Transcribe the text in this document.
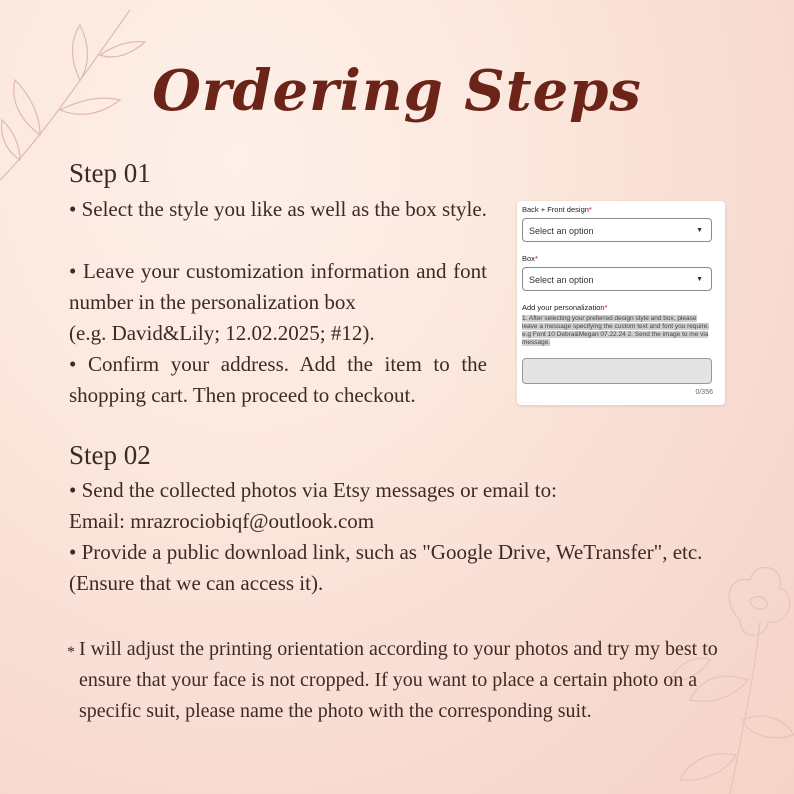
Ordering Steps
Step 01
• Select the style you like as well as the box style.
• Leave your customization information and font number in the personalization box
(e.g. David&Lily; 12.02.2025; #12).
• Confirm your address. Add the item to the shopping cart. Then proceed to checkout.
Back + Front design*
Select an option	▼
Box*
Select an option	▼
Add your personalization*
1. After selecting your preferred design style and box, please leave a message specifying the custom text and font you require. e.g Font 10 Debra&Megan 07.22.24 2. Send the image to me via message.
0/356
Step 02
• Send the collected photos via Etsy messages or email to:
Email: mrazrociobiqf@outlook.com
• Provide a public download link, such as "Google Drive, WeTransfer", etc. (Ensure that we can access it).
* I will adjust the printing orientation according to your photos and try my best to ensure that your face is not cropped. If you want to place a certain photo on a specific suit, please name the photo with the corresponding suit.
